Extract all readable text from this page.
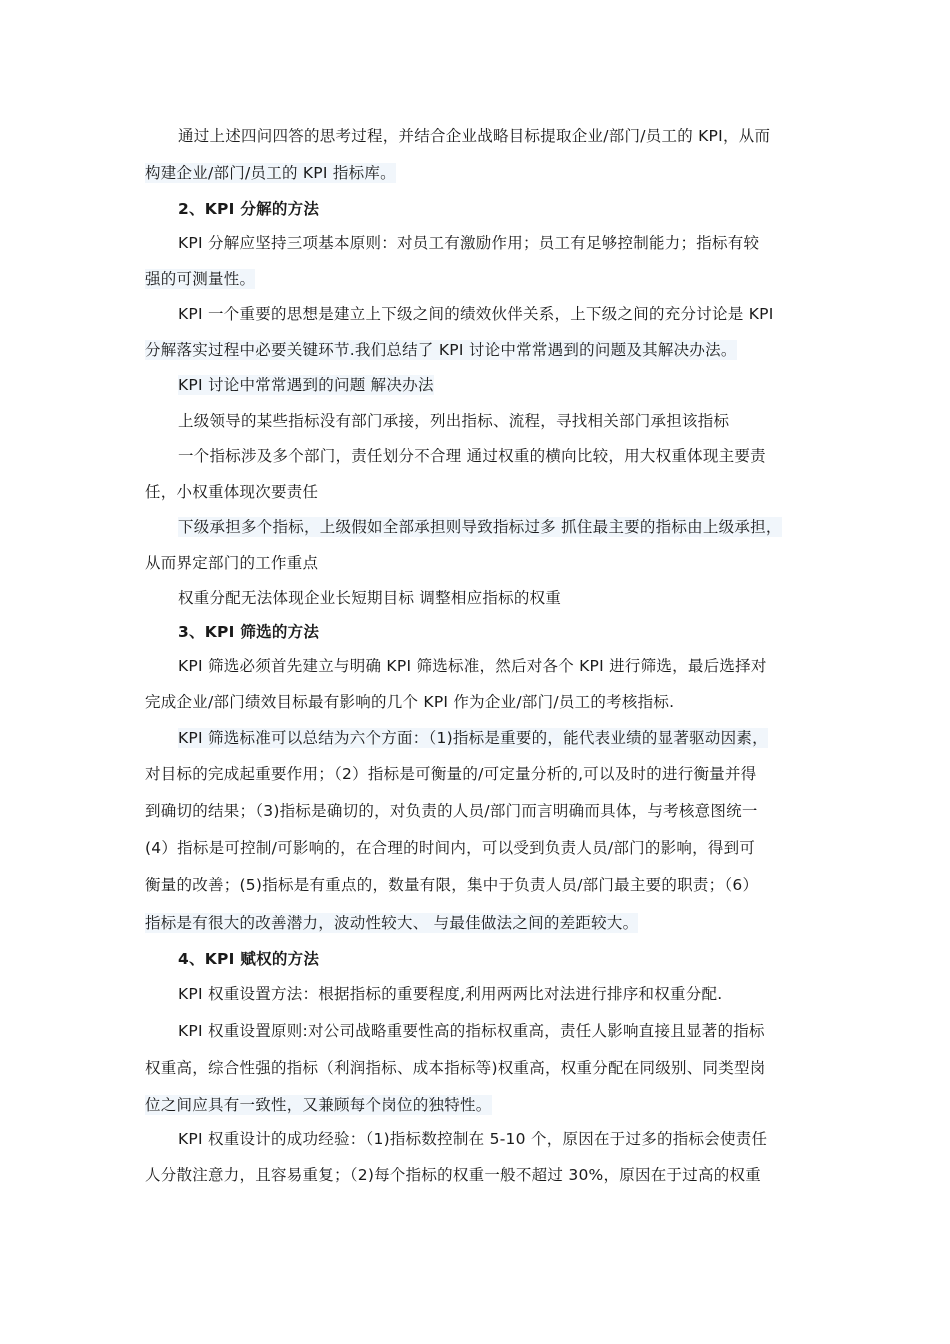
通过上述四问四答的思考过程，并结合企业战略目标提取企业/部门/员工的 KPI，从而
构建企业/部门/员工的 KPI 指标库。
2、KPI 分解的方法
KPI 分解应坚持三项基本原则：对员工有激励作用；员工有足够控制能力；指标有较
强的可测量性。
KPI 一个重要的思想是建立上下级之间的绩效伙伴关系，上下级之间的充分讨论是 KPI
分解落实过程中必要关键环节.我们总结了 KPI 讨论中常常遇到的问题及其解决办法。
KPI 讨论中常常遇到的问题 解决办法
上级领导的某些指标没有部门承接，列出指标、流程，寻找相关部门承担该指标
一个指标涉及多个部门，责任划分不合理 通过权重的横向比较，用大权重体现主要责
任，小权重体现次要责任
下级承担多个指标，上级假如全部承担则导致指标过多 抓住最主要的指标由上级承担，
从而界定部门的工作重点
权重分配无法体现企业长短期目标 调整相应指标的权重
3、KPI 筛选的方法
KPI 筛选必须首先建立与明确 KPI 筛选标准，然后对各个 KPI 进行筛选，最后选择对
完成企业/部门绩效目标最有影响的几个 KPI 作为企业/部门/员工的考核指标.
KPI 筛选标准可以总结为六个方面：（1)指标是重要的，能代表业绩的显著驱动因素，
对目标的完成起重要作用；（2）指标是可衡量的/可定量分析的,可以及时的进行衡量并得
到确切的结果；（3)指标是确切的，对负责的人员/部门而言明确而具体，与考核意图统一
(4）指标是可控制/可影响的，在合理的时间内，可以受到负责人员/部门的影响，得到可
衡量的改善；(5)指标是有重点的，数量有限，集中于负责人员/部门最主要的职责；（6）
指标是有很大的改善潜力，波动性较大、 与最佳做法之间的差距较大。
4、KPI 赋权的方法
KPI 权重设置方法：根据指标的重要程度,利用两两比对法进行排序和权重分配.
KPI 权重设置原则:对公司战略重要性高的指标权重高，责任人影响直接且显著的指标
权重高，综合性强的指标（利润指标、成本指标等)权重高，权重分配在同级别、同类型岗
位之间应具有一致性，又兼顾每个岗位的独特性。
KPI 权重设计的成功经验：（1)指标数控制在 5-10 个，原因在于过多的指标会使责任
人分散注意力，且容易重复；（2)每个指标的权重一般不超过 30%，原因在于过高的权重
